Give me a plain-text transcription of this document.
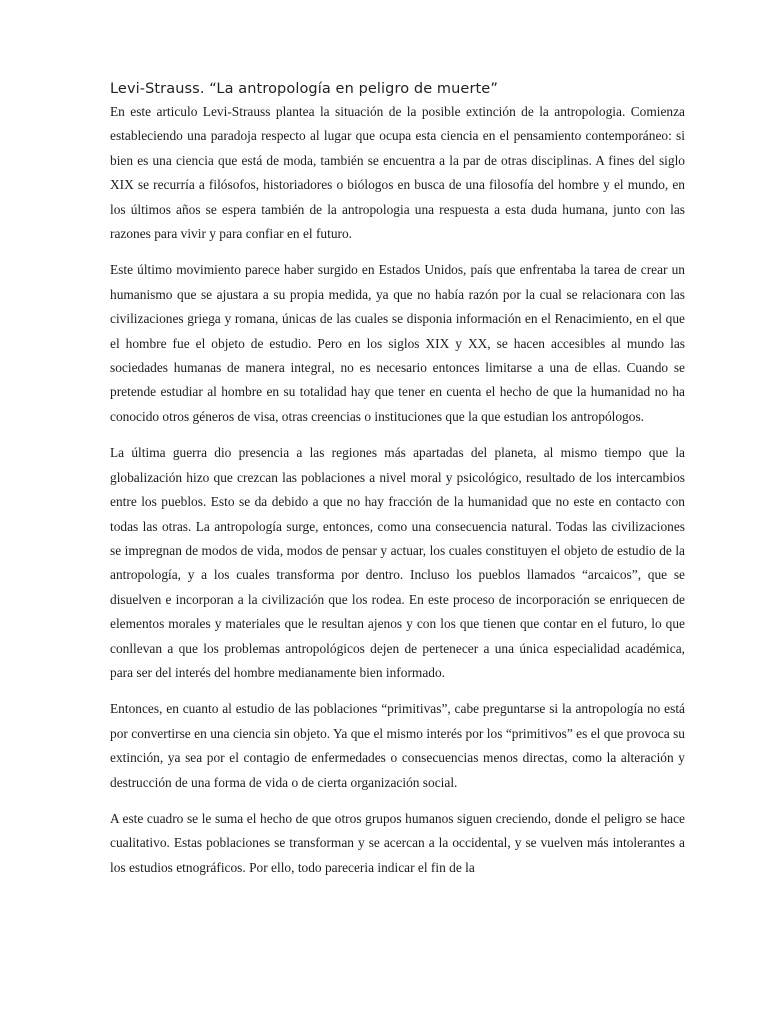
Levi-Strauss. “La antropología en peligro de muerte”

En este articulo Levi-Strauss plantea la situación de la posible extinción de la antropologia. Comienza estableciendo una paradoja respecto al lugar que ocupa esta ciencia en el pensamiento contemporáneo: si bien es una ciencia que está de moda, también se encuentra a la par de otras disciplinas. A fines del siglo XIX se recurría a filósofos, historiadores o biólogos en busca de una filosofía del hombre y el mundo, en los últimos años se espera también de la antropologia una respuesta a esta duda humana, junto con las razones para vivir y para confiar en el futuro.

Este último movimiento parece haber surgido en Estados Unidos, país que enfrentaba la tarea de crear un humanismo que se ajustara a su propia medida, ya que no había razón por la cual se relacionara con las civilizaciones griega y romana, únicas de las cuales se disponia información en el Renacimiento, en el que el hombre fue el objeto de estudio. Pero en los siglos XIX y XX, se hacen accesibles al mundo las sociedades humanas de manera integral, no es necesario entonces limitarse a una de ellas. Cuando se pretende estudiar al hombre en su totalidad hay que tener en cuenta el hecho de que la humanidad no ha conocido otros géneros de visa, otras creencias o instituciones que la que estudian los antropólogos.

La última guerra dio presencia a las regiones más apartadas del planeta, al mismo tiempo que la globalización hizo que crezcan las poblaciones a nivel moral y psicológico, resultado de los intercambios entre los pueblos. Esto se da debido a que no hay fracción de la humanidad que no este en contacto con todas las otras. La antropología surge, entonces, como una consecuencia natural. Todas las civilizaciones se impregnan de modos de vida, modos de pensar y actuar, los cuales constituyen el objeto de estudio de la antropología, y a los cuales transforma por dentro. Incluso los pueblos llamados “arcaicos”, que se disuelven e incorporan a la civilización que los rodea. En este proceso de incorporación se enriquecen de elementos morales y materiales que le resultan ajenos y con los que tienen que contar en el futuro, lo que conllevan a que los problemas antropológicos dejen de pertenecer a una única especialidad académica, para ser del interés del hombre medianamente bien informado.

Entonces, en cuanto al estudio de las poblaciones “primitivas”, cabe preguntarse si la antropología no está por convertirse en una ciencia sin objeto. Ya que el mismo interés por los “primitivos” es el que provoca su extinción, ya sea por el contagio de enfermedades o consecuencias menos directas, como la alteración y destrucción de una forma de vida o de cierta organización social.

A este cuadro se le suma el hecho de que otros grupos humanos siguen creciendo, donde el peligro se hace cualitativo. Estas poblaciones se transforman y se acercan a la occidental, y se vuelven más intolerantes a los estudios etnográficos. Por ello, todo pareceria indicar el fin de la
